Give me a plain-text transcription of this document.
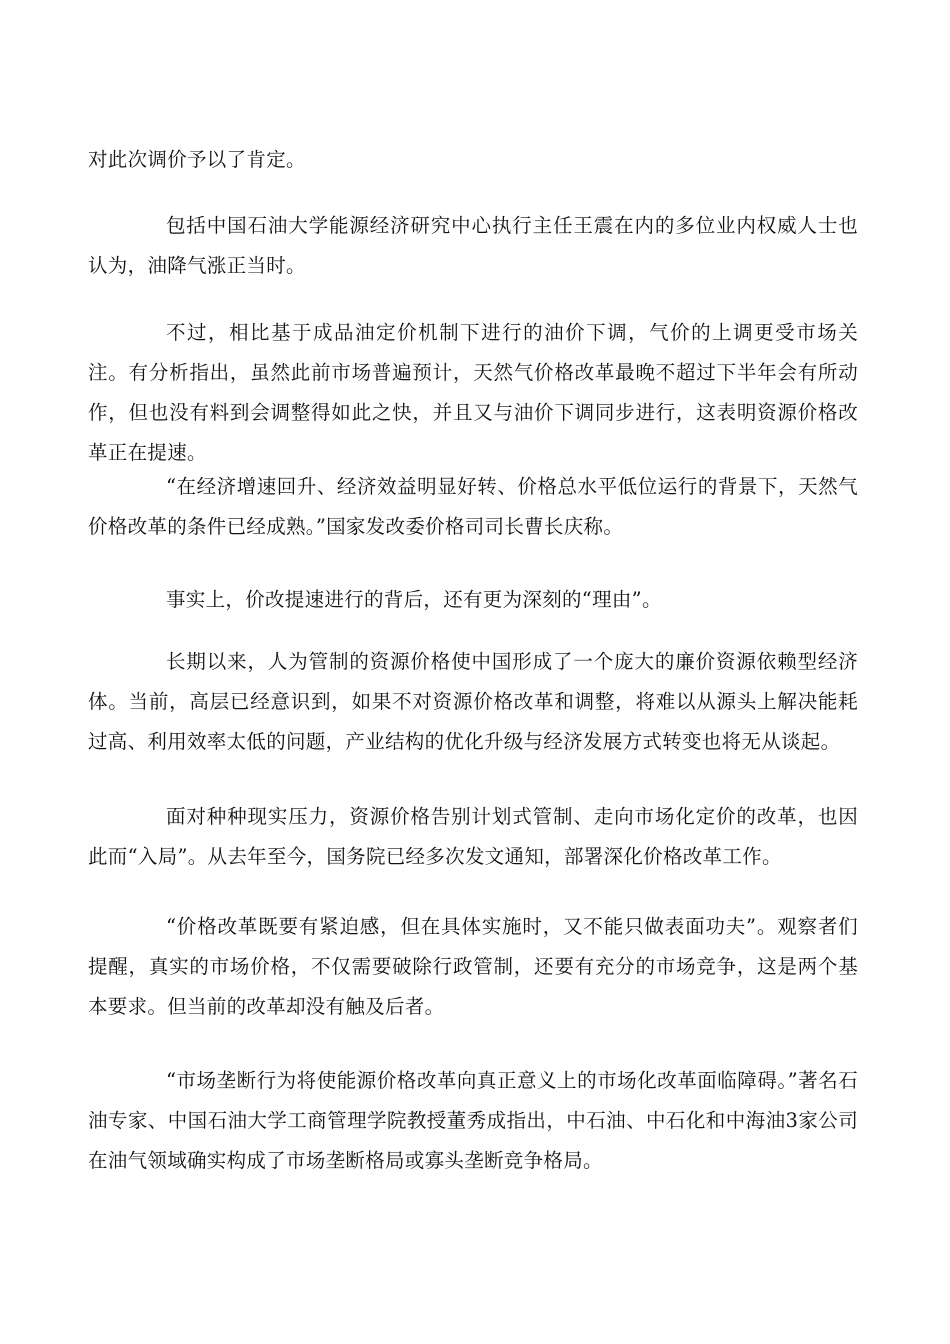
对此次调价予以了肯定。

包括中国石油大学能源经济研究中心执行主任王震在内的多位业内权威人士也认为，油降气涨正当时。

不过，相比基于成品油定价机制下进行的油价下调，气价的上调更受市场关注。有分析指出，虽然此前市场普遍预计，天然气价格改革最晚不超过下半年会有所动作，但也没有料到会调整得如此之快，并且又与油价下调同步进行，这表明资源价格改革正在提速。

“在经济增速回升、经济效益明显好转、价格总水平低位运行的背景下，天然气价格改革的条件已经成熟。”国家发改委价格司司长曹长庆称。

事实上，价改提速进行的背后，还有更为深刻的“理由”。

长期以来，人为管制的资源价格使中国形成了一个庞大的廉价资源依赖型经济体。当前，高层已经意识到，如果不对资源价格改革和调整，将难以从源头上解决能耗过高、利用效率太低的问题，产业结构的优化升级与经济发展方式转变也将无从谈起。

面对种种现实压力，资源价格告别计划式管制、走向市场化定价的改革，也因此而“入局”。从去年至今，国务院已经多次发文通知，部署深化价格改革工作。

“价格改革既要有紧迫感，但在具体实施时，又不能只做表面功夫”。观察者们提醒，真实的市场价格，不仅需要破除行政管制，还要有充分的市场竞争，这是两个基本要求。但当前的改革却没有触及后者。

“市场垄断行为将使能源价格改革向真正意义上的市场化改革面临障碍。”著名石油专家、中国石油大学工商管理学院教授董秀成指出，中石油、中石化和中海油3家公司在油气领域确实构成了市场垄断格局或寡头垄断竞争格局。
